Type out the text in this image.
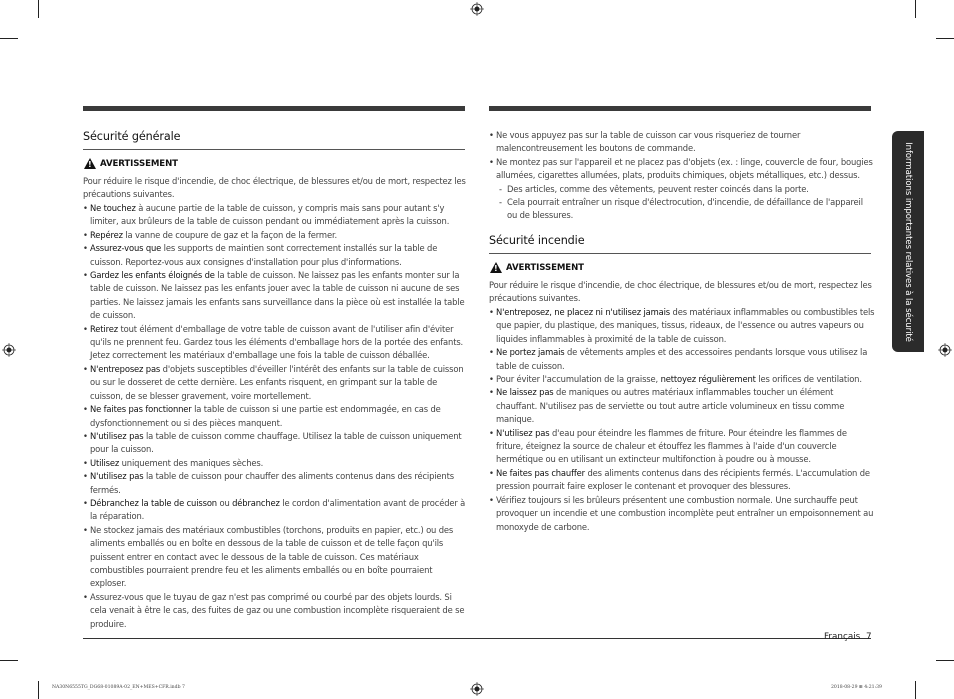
Informations importantes relatives à la sécurité
Sécurité générale
!
AVERTISSEMENT
Pour réduire le risque d'incendie, de choc électrique, de blessures et/ou de mort, respectez les précautions suivantes.
• Ne touchez à aucune partie de la table de cuisson, y compris mais sans pour autant s'y limiter, aux brûleurs de la table de cuisson pendant ou immédiatement après la cuisson.
• Repérez la vanne de coupure de gaz et la façon de la fermer.
• Assurez-vous que les supports de maintien sont correctement installés sur la table de cuisson. Reportez-vous aux consignes d'installation pour plus d'informations.
• Gardez les enfants éloignés de la table de cuisson. Ne laissez pas les enfants monter sur la table de cuisson. Ne laissez pas les enfants jouer avec la table de cuisson ni aucune de ses parties. Ne laissez jamais les enfants sans surveillance dans la pièce où est installée la table de cuisson.
• Retirez tout élément d'emballage de votre table de cuisson avant de l'utiliser afin d'éviter qu'ils ne prennent feu. Gardez tous les éléments d'emballage hors de la portée des enfants. Jetez correctement les matériaux d'emballage une fois la table de cuisson déballée.
• N'entreposez pas d'objets susceptibles d'éveiller l'intérêt des enfants sur la table de cuisson ou sur le dosseret de cette dernière. Les enfants risquent, en grimpant sur la table de cuisson, de se blesser gravement, voire mortellement.
• Ne faites pas fonctionner la table de cuisson si une partie est endommagée, en cas de dysfonctionnement ou si des pièces manquent.
• N'utilisez pas la table de cuisson comme chauffage. Utilisez la table de cuisson uniquement pour la cuisson.
• Utilisez uniquement des maniques sèches.
• N'utilisez pas la table de cuisson pour chauffer des aliments contenus dans des récipients fermés.
• Débranchez la table de cuisson ou débranchez le cordon d'alimentation avant de procéder à la réparation.
• Ne stockez jamais des matériaux combustibles (torchons, produits en papier, etc.) ou des aliments emballés ou en boîte en dessous de la table de cuisson et de telle façon qu'ils puissent entrer en contact avec le dessous de la table de cuisson. Ces matériaux combustibles pourraient prendre feu et les aliments emballés ou en boîte pourraient exploser.
• Assurez-vous que le tuyau de gaz n'est pas comprimé ou courbé par des objets lourds. Si cela venait à être le cas, des fuites de gaz ou une combustion incomplète risqueraient de se produire.
• Ne vous appuyez pas sur la table de cuisson car vous risqueriez de tourner malencontreusement les boutons de commande.
• Ne montez pas sur l'appareil et ne placez pas d'objets (ex. : linge, couvercle de four, bougies allumées, cigarettes allumées, plats, produits chimiques, objets métalliques, etc.) dessus.
- Des articles, comme des vêtements, peuvent rester coincés dans la porte.
- Cela pourrait entraîner un risque d'électrocution, d'incendie, de défaillance de l'appareil ou de blessures.
Sécurité incendie
!
AVERTISSEMENT
Pour réduire le risque d'incendie, de choc électrique, de blessures et/ou de mort, respectez les précautions suivantes.
• N'entreposez, ne placez ni n'utilisez jamais des matériaux inflammables ou combustibles tels que papier, du plastique, des maniques, tissus, rideaux, de l'essence ou autres vapeurs ou liquides inflammables à proximité de la table de cuisson.
• Ne portez jamais de vêtements amples et des accessoires pendants lorsque vous utilisez la table de cuisson.
• Pour éviter l'accumulation de la graisse, nettoyez régulièrement les orifices de ventilation.
• Ne laissez pas de maniques ou autres matériaux inflammables toucher un élément chauffant. N'utilisez pas de serviette ou tout autre article volumineux en tissu comme manique.
• N'utilisez pas d'eau pour éteindre les flammes de friture. Pour éteindre les flammes de friture, éteignez la source de chaleur et étouffez les flammes à l'aide d'un couvercle hermétique ou en utilisant un extincteur multifonction à poudre ou à mousse.
• Ne faites pas chauffer des aliments contenus dans des récipients fermés. L'accumulation de pression pourrait faire exploser le contenant et provoquer des blessures.
• Vérifiez toujours si les brûleurs présentent une combustion normale. Une surchauffe peut provoquer un incendie et une combustion incomplète peut entraîner un empoisonnement au monoxyde de carbone.
Français 7
NA30N6555TG_DG68-01089A-02_EN+MES+CFR.indb 7	2018-08-29 ⊞ 4:21:39
